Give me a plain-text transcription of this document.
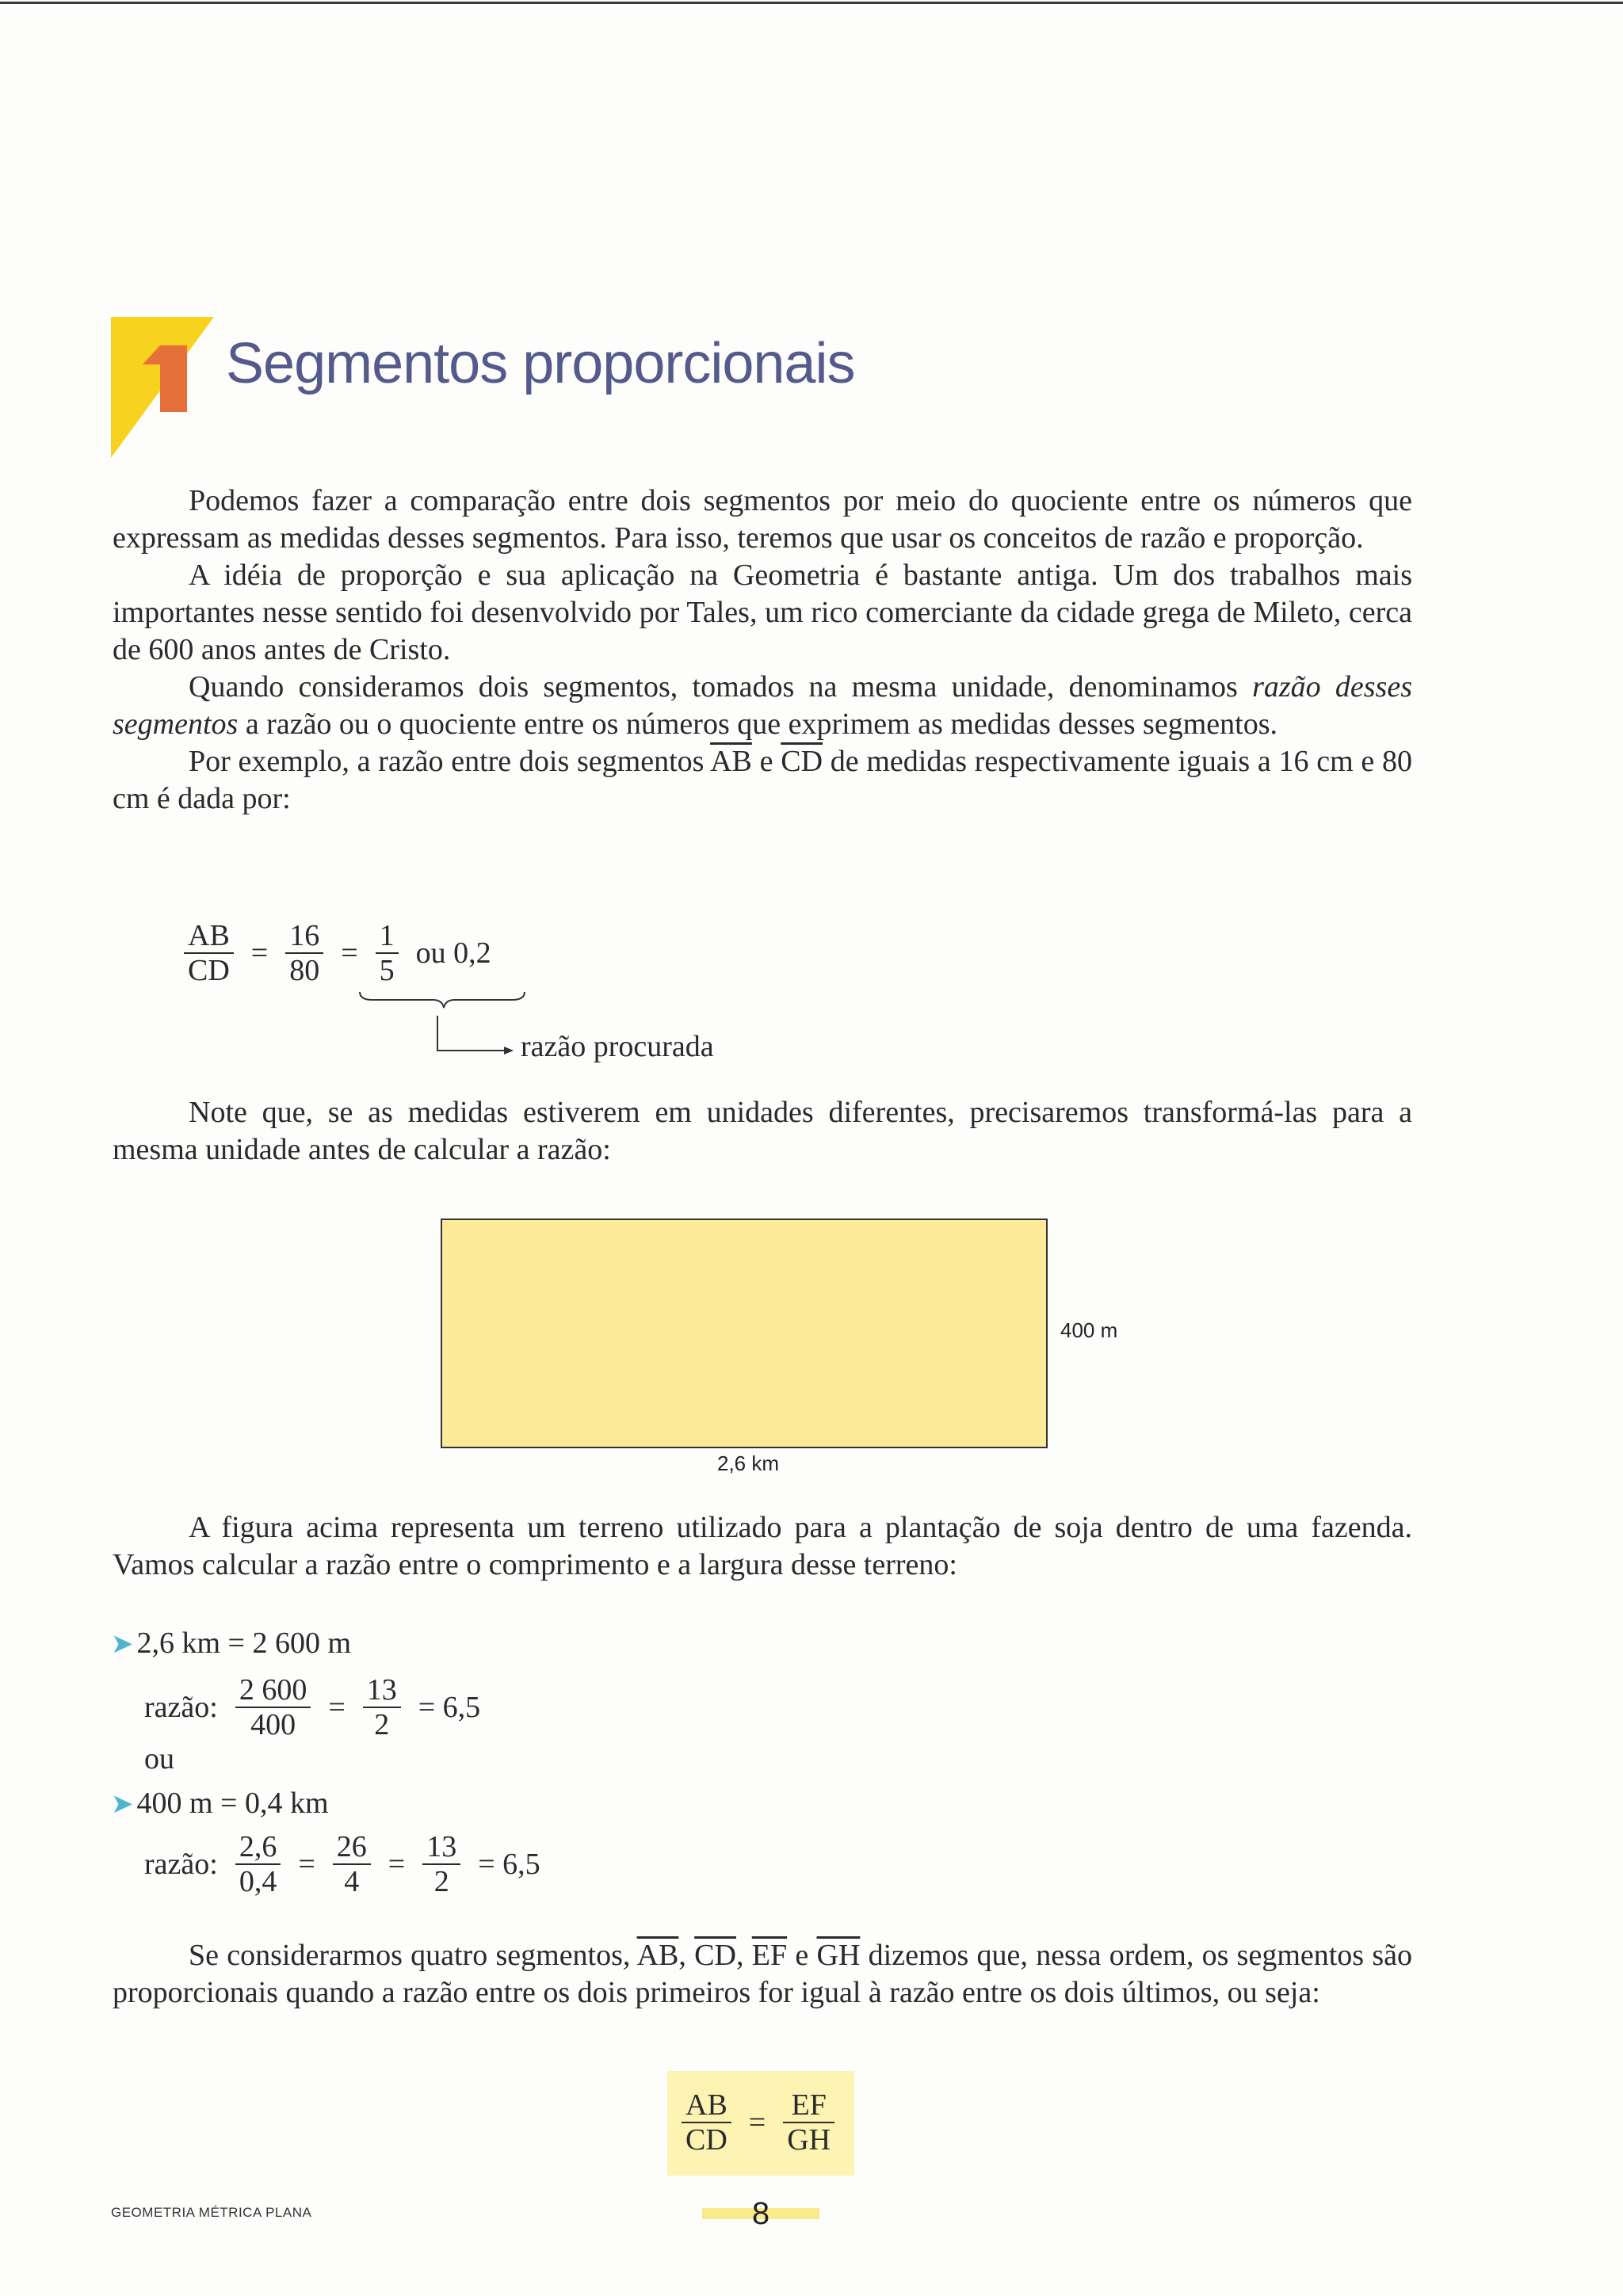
Segmentos proporcionais

Podemos fazer a comparação entre dois segmentos por meio do quociente entre os números que expressam as medidas desses segmentos. Para isso, teremos que usar os conceitos de razão e proporção.

A idéia de proporção e sua aplicação na Geometria é bastante antiga. Um dos trabalhos mais importantes nesse sentido foi desenvolvido por Tales, um rico comerciante da cidade grega de Mileto, cerca de 600 anos antes de Cristo.

Quando consideramos dois segmentos, tomados na mesma unidade, denominamos razão desses segmentos a razão ou o quociente entre os números que exprimem as medidas desses segmentos.

Por exemplo, a razão entre dois segmentos $\overline{AB}$ e $\overline{CD}$ de medidas respectivamente iguais a 16 cm e 80 cm é dada por:

$\frac{AB}{CD} = \frac{16}{80} = \frac{1}{5}$ ou 0,2
razão procurada

Note que, se as medidas estiverem em unidades diferentes, precisaremos transformá-las para a mesma unidade antes de calcular a razão:

400 m
2,6 km

A figura acima representa um terreno utilizado para a plantação de soja dentro de uma fazenda. Vamos calcular a razão entre o comprimento e a largura desse terreno:

➤ 2,6 km = 2 600 m
razão: $\frac{2 600}{400} = \frac{13}{2} = 6,5$
ou
➤ 400 m = 0,4 km
razão: $\frac{2,6}{0,4} = \frac{26}{4} = \frac{13}{2} = 6,5$

Se considerarmos quatro segmentos, $\overline{AB}$, $\overline{CD}$, $\overline{EF}$ e $\overline{GH}$ dizemos que, nessa ordem, os segmentos são proporcionais quando a razão entre os dois primeiros for igual à razão entre os dois últimos, ou seja:

$\frac{AB}{CD} = \frac{EF}{GH}$
GEOMETRIA MÉTRICA PLANA	8
